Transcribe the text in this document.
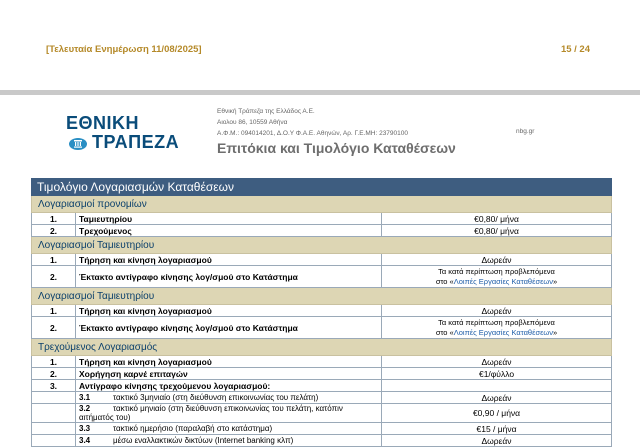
[Τελευταία Ενημέρωση 11/08/2025]	15 / 24
ΕΘΝΙΚΗ
ΤΡΑΠΕΖΑ
Εθνική Τράπεζα της Ελλάδος Α.Ε.
Αιολου 86, 10559 Αθήνα
Α.Φ.Μ.: 094014201, Δ.Ο.Υ Φ.Α.Ε. Αθηνών, Αρ. Γ.Ε.ΜΗ: 23790100	nbg.gr
Επιτόκια και Τιμολόγιο Καταθέσεων
Τιμολόγιο Λογαριασμών Καταθέσεων		
Λογαριασμοί προνομίων		
1.	Ταμιευτηρίου	€0,80/ μήνα
2.	Τρεχούμενος	€0,80/ μήνα
Λογαριασμοί Ταμιευτηρίου		
1.	Τήρηση και κίνηση λογαριασμού	Δωρεάν
2.	Έκτακτο αντίγραφο κίνησης λογ/σμού στο Κατάστημα	Τα κατά περίπτωση προβλεπόμενα
στο «Λοιπές Εργασίες Καταθέσεων»

Λογαριασμοί Ταμιευτηρίου		
1.	Τήρηση και κίνηση λογαριασμού	Δωρεάν
2.	Έκτακτο αντίγραφο κίνησης λογ/σμού στο Κατάστημα	Τα κατά περίπτωση προβλεπόμενα
στο «Λοιπές Εργασίες Καταθέσεων»

Τρεχούμενος Λογαριασμός		
1.	Τήρηση και κίνηση λογαριασμού	Δωρεάν
2.	Χορήγηση καρνέ επιταγών	€1/φύλλο
3.	Αντίγραφο κίνησης τρεχούμενου λογαριασμού:	
	3.1 τακτικό 3μηνιαίο (στη διεύθυνση επικοινωνίας του πελάτη)	Δωρεάν
	3.2 τακτικό μηνιαίο (στη διεύθυνση επικοινωνίας του πελάτη, κατόπιν αιτήματός του)	€0,90 / μήνα
	3.3 τακτικό ημερήσιο (παραλαβή στο κατάστημα)	€15 / μήνα
	3.4 μέσω εναλλακτικών δικτύων (Internet banking κλπ)	Δωρεάν
